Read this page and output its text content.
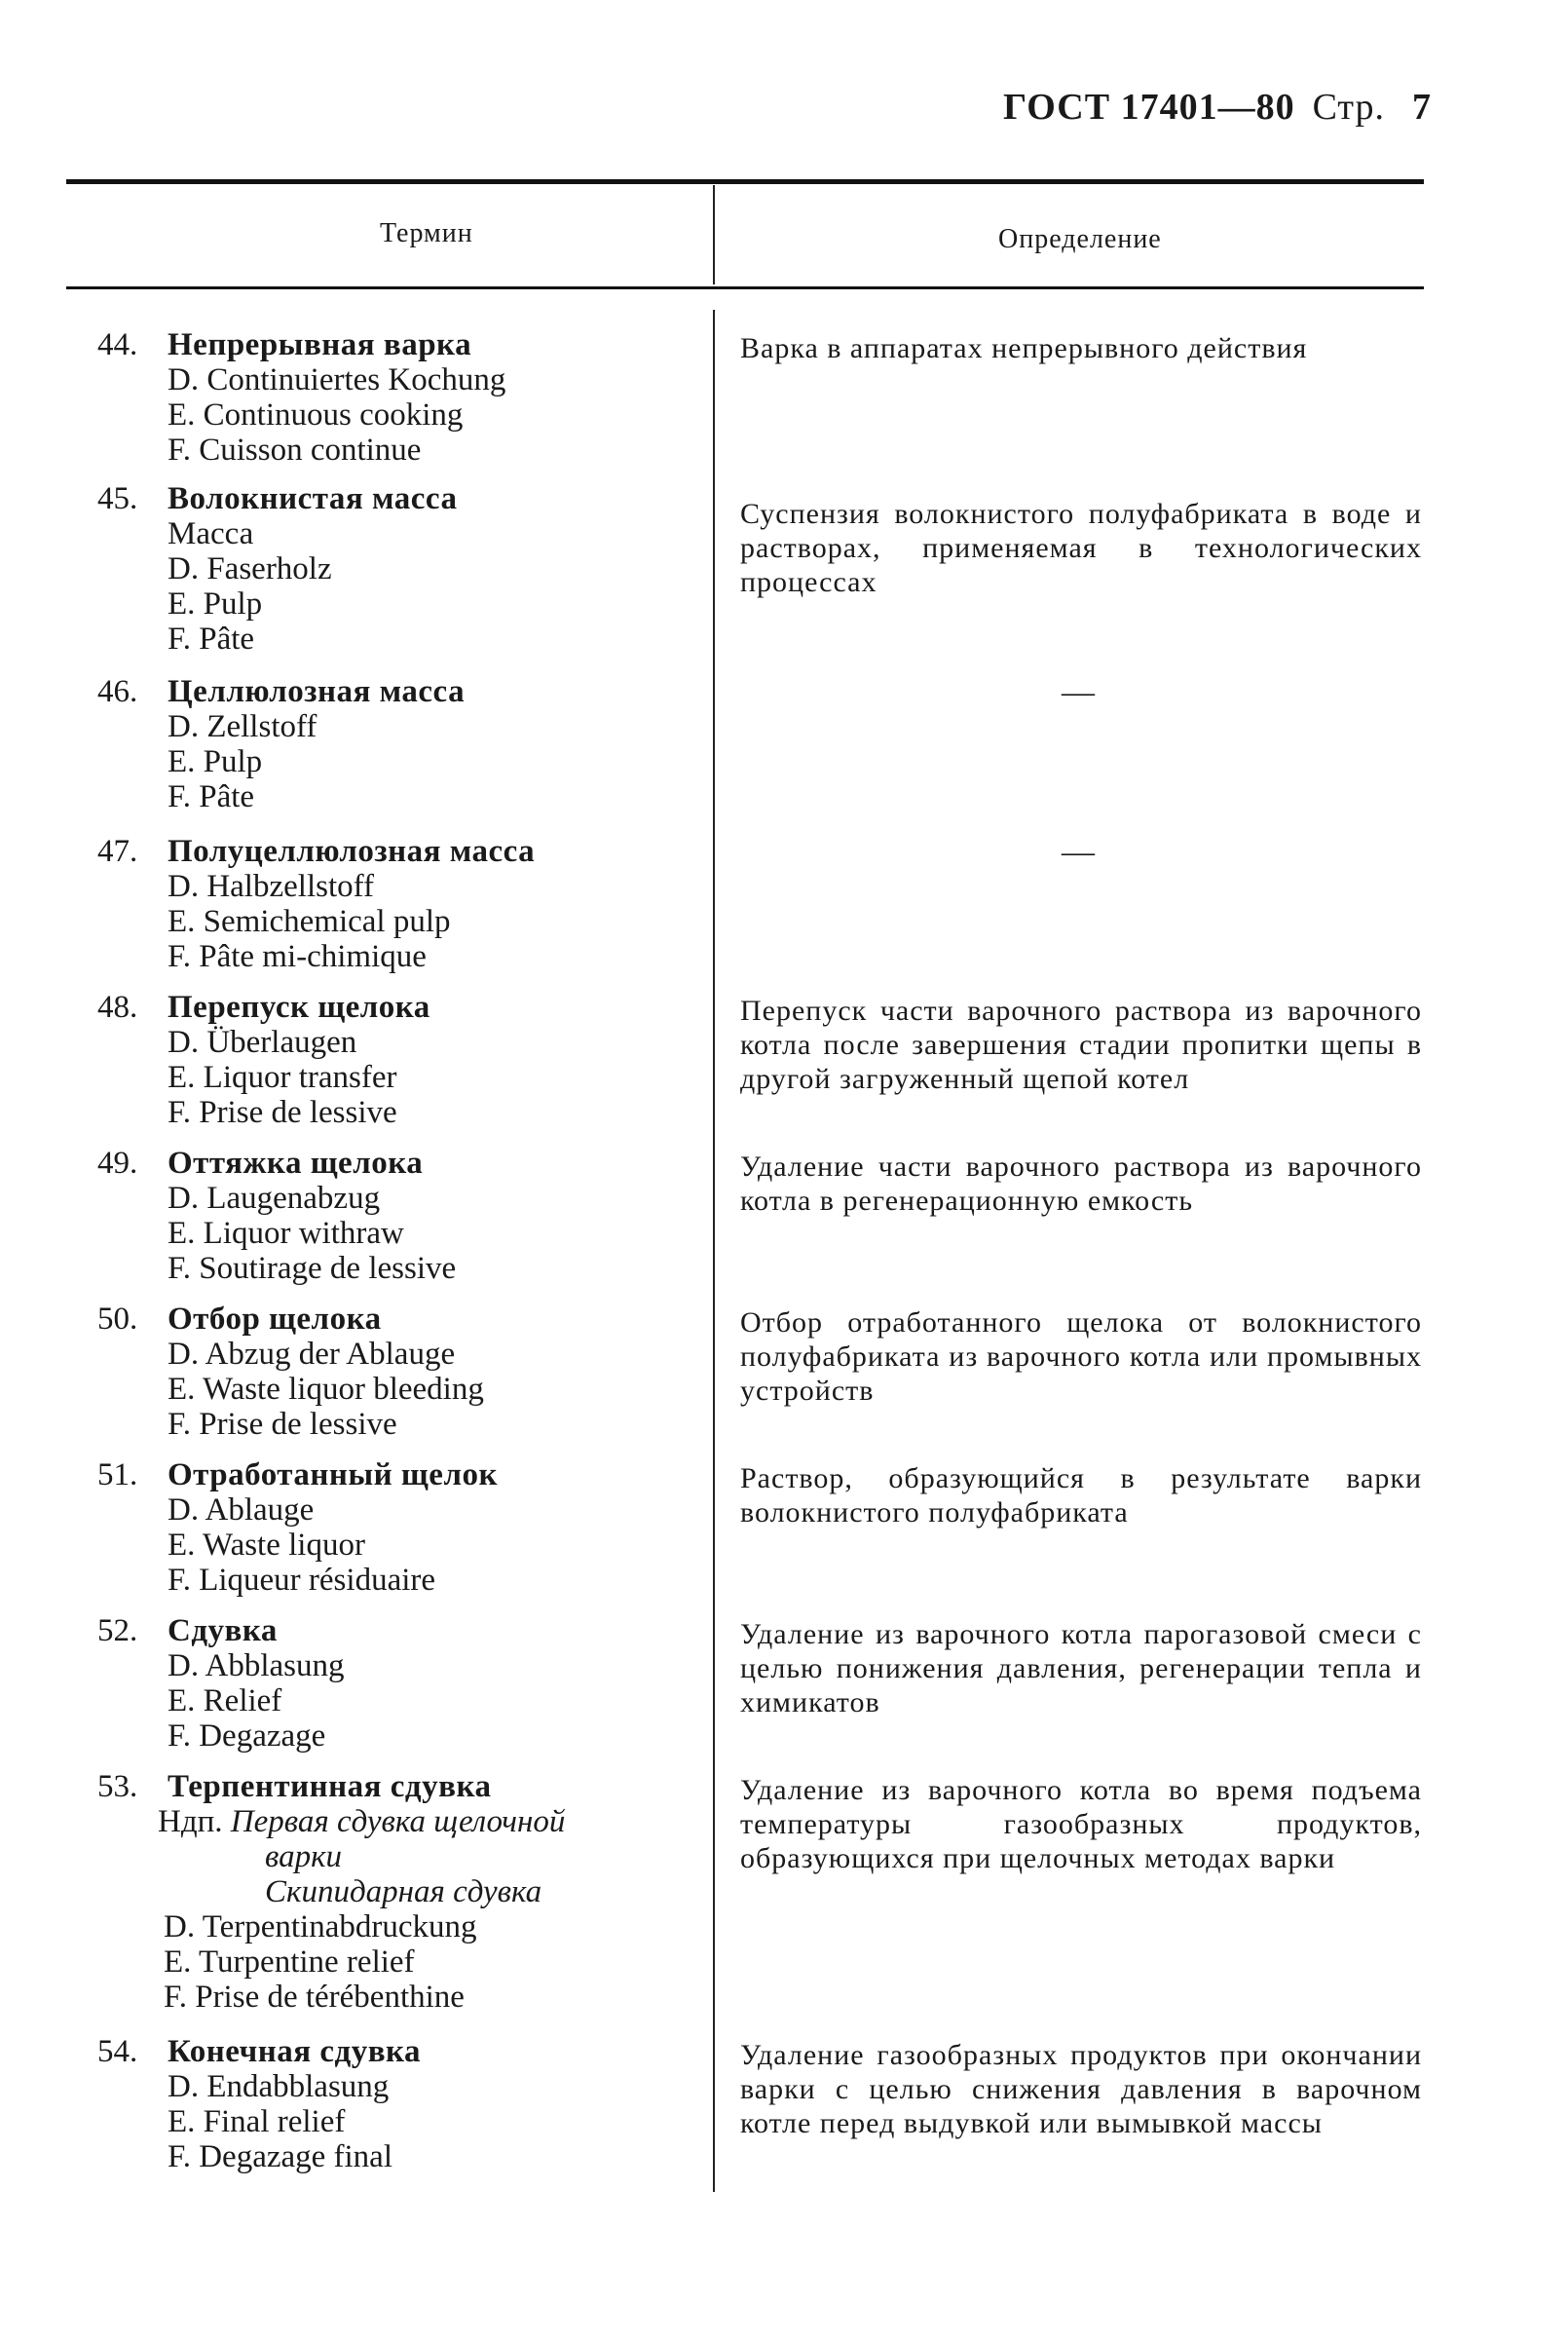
ГОСТ 17401—80 Стр. 7
Термин	Определение
44. Непрерывная варка
D. Continuiertes Kochung
E. Continuous cooking
F. Cuisson continue
Варка в аппаратах непрерывного действия
45. Волокнистая масса
Масса
D. Faserholz
E. Pulp
F. Pâte
Суспензия волокнистого полуфабриката в воде и растворах, применяемая в технологических процессах
46. Целлюлозная масса
D. Zellstoff
E. Pulp
F. Pâte
—
47. Полуцеллюлозная масса
D. Halbzellstoff
E. Semichemical pulp
F. Pâte mi-chimique
—
48. Перепуск щелока
D. Überlaugen
E. Liquor transfer
F. Prise de lessive
Перепуск части варочного раствора из варочного котла после завершения стадии пропитки щепы в другой загруженный щепой котел
49. Оттяжка щелока
D. Laugenabzug
E. Liquor withraw
F. Soutirage de lessive
Удаление части варочного раствора из варочного котла в регенерационную емкость
50. Отбор щелока
D. Abzug der Ablauge
E. Waste liquor bleeding
F. Prise de lessive
Отбор отработанного щелока от волокнистого полуфабриката из варочного котла или промывных устройств
51. Отработанный щелок
D. Ablauge
E. Waste liquor
F. Liqueur résiduaire
Раствор, образующийся в результате варки волокнистого полуфабриката
52. Сдувка
D. Abblasung
E. Relief
F. Degazage
Удаление из варочного котла парогазовой смеси с целью понижения давления, регенерации тепла и химикатов
53. Терпентинная сдувка
Ндп. Первая сдувка щелочной
варки
Скипидарная сдувка
D. Terpentinabdruckung
E. Turpentine relief
F. Prise de térébenthine
Удаление из варочного котла во время подъема температуры газообразных продуктов, образующихся при щелочных методах варки
54. Конечная сдувка
D. Endabblasung
E. Final relief
F. Degazage final
Удаление газообразных продуктов при окончании варки с целью снижения давления в варочном котле перед выдувкой или вымывкой массы
